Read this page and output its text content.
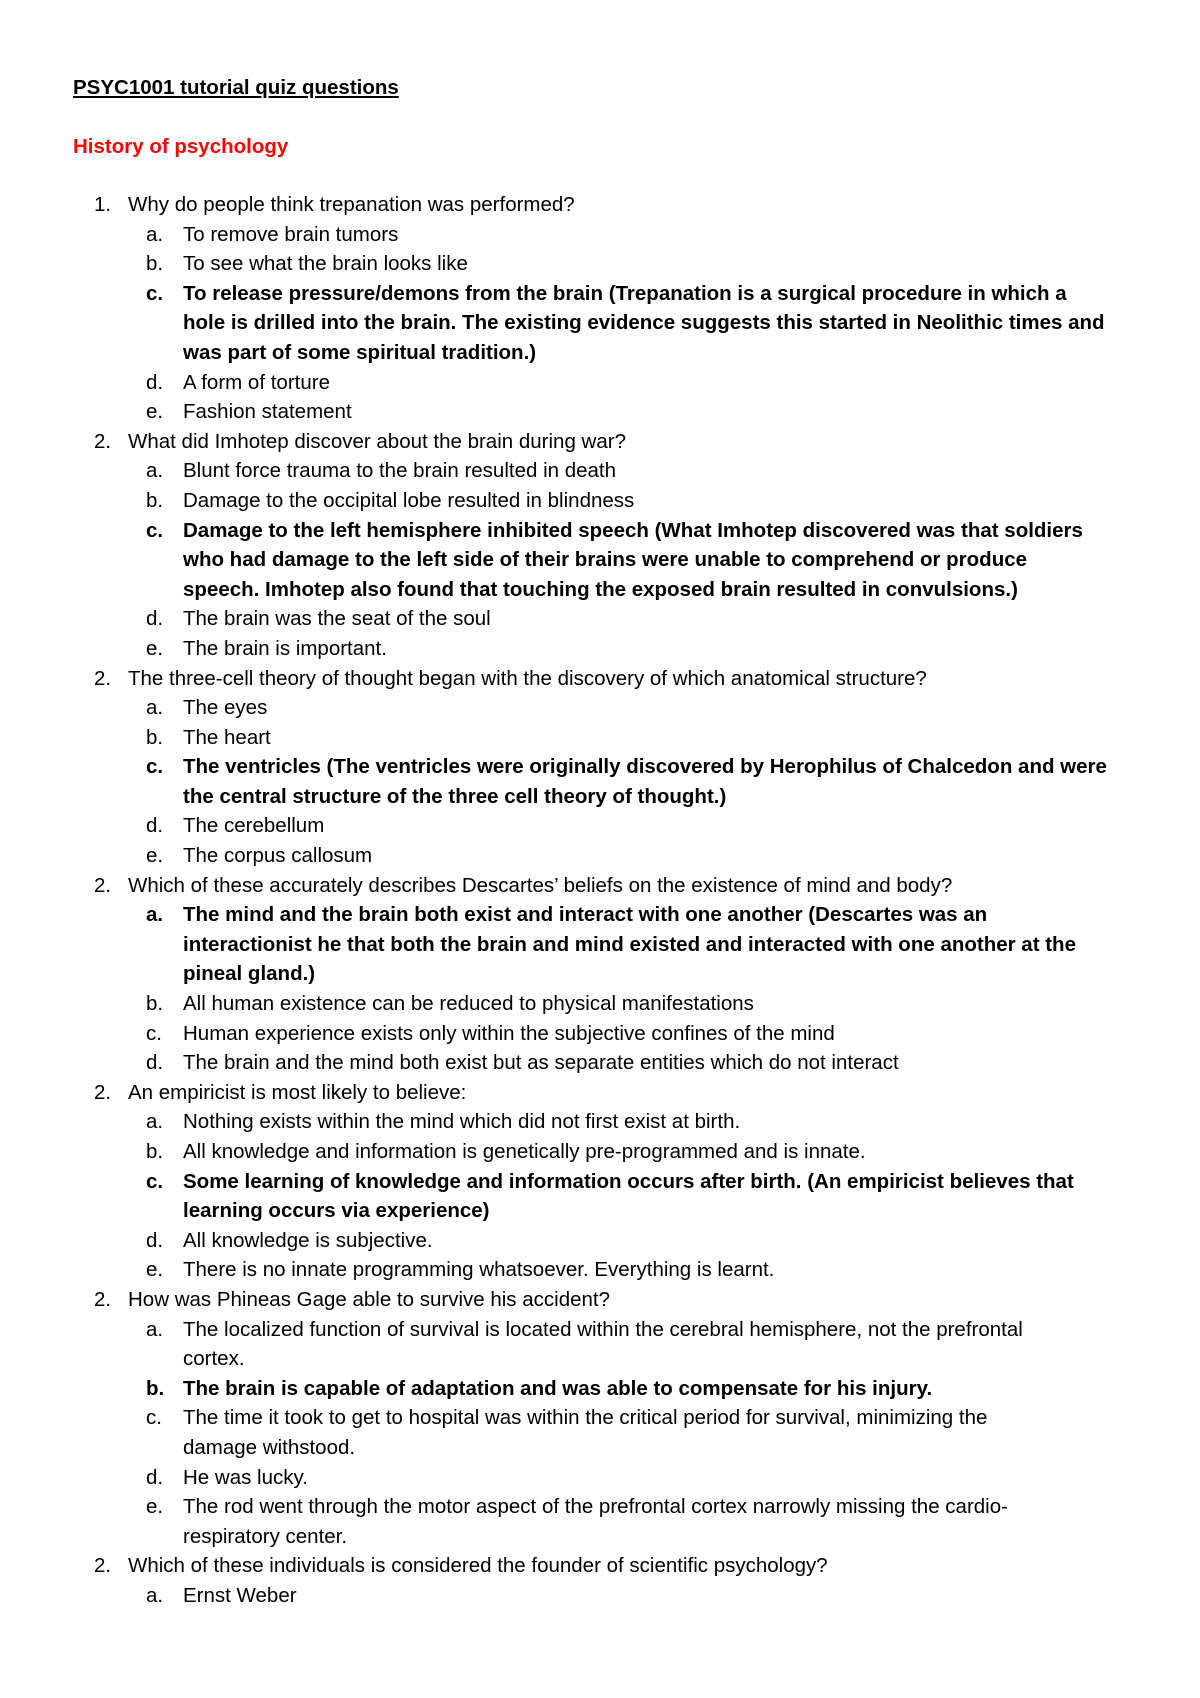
PSYC1001 tutorial quiz questions
History of psychology
1. Why do people think trepanation was performed?
a. To remove brain tumors
b. To see what the brain looks like
c. To release pressure/demons from the brain (Trepanation is a surgical procedure in which a
hole is drilled into the brain. The existing evidence suggests this started in Neolithic times and
was part of some spiritual tradition.)
d. A form of torture
e. Fashion statement
2. What did Imhotep discover about the brain during war?
a. Blunt force trauma to the brain resulted in death
b. Damage to the occipital lobe resulted in blindness
c. Damage to the left hemisphere inhibited speech (What Imhotep discovered was that soldiers
who had damage to the left side of their brains were unable to comprehend or produce
speech. Imhotep also found that touching the exposed brain resulted in convulsions.)
d. The brain was the seat of the soul
e. The brain is important.
2. The three-cell theory of thought began with the discovery of which anatomical structure?
a. The eyes
b. The heart
c. The ventricles (The ventricles were originally discovered by Herophilus of Chalcedon and were
the central structure of the three cell theory of thought.)
d. The cerebellum
e. The corpus callosum
2. Which of these accurately describes Descartes’ beliefs on the existence of mind and body?
a. The mind and the brain both exist and interact with one another (Descartes was an
interactionist he that both the brain and mind existed and interacted with one another at the
pineal gland.)
b. All human existence can be reduced to physical manifestations
c. Human experience exists only within the subjective confines of the mind
d. The brain and the mind both exist but as separate entities which do not interact
2. An empiricist is most likely to believe:
a. Nothing exists within the mind which did not first exist at birth.
b. All knowledge and information is genetically pre-programmed and is innate.
c. Some learning of knowledge and information occurs after birth. (An empiricist believes that
learning occurs via experience)
d. All knowledge is subjective.
e. There is no innate programming whatsoever. Everything is learnt.
2. How was Phineas Gage able to survive his accident?
a. The localized function of survival is located within the cerebral hemisphere, not the prefrontal
cortex.
b. The brain is capable of adaptation and was able to compensate for his injury.
c. The time it took to get to hospital was within the critical period for survival, minimizing the
damage withstood.
d. He was lucky.
e. The rod went through the motor aspect of the prefrontal cortex narrowly missing the cardio-
respiratory center.
2. Which of these individuals is considered the founder of scientific psychology?
a. Ernst Weber
